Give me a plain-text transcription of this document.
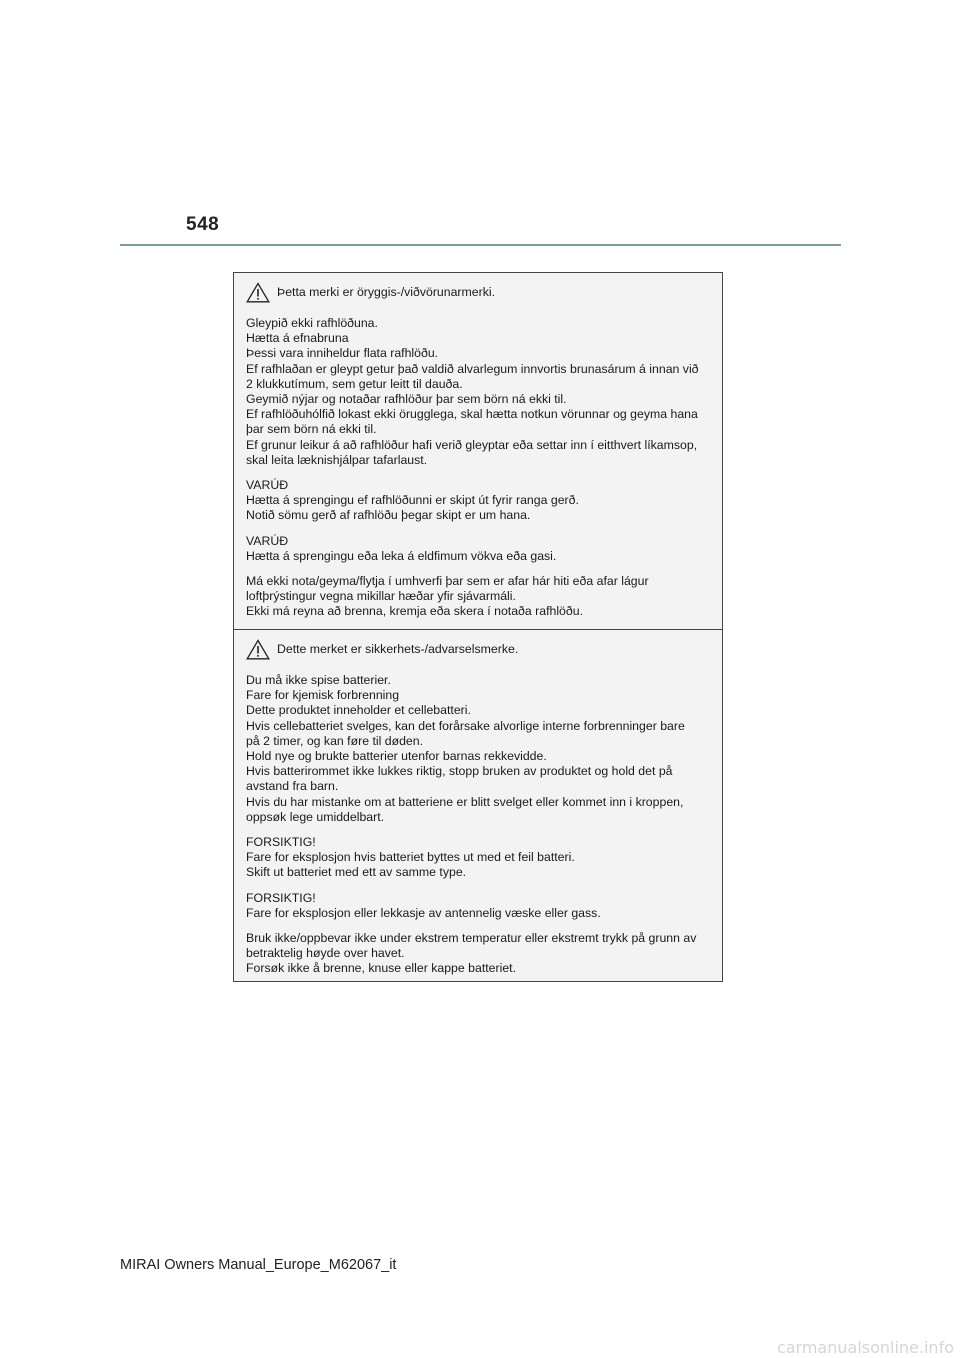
548
Þetta merki er öryggis-/viðvörunarmerki.
Gleypið ekki rafhlöðuna.
Hætta á efnabruna
Þessi vara inniheldur flata rafhlöðu.
Ef rafhlaðan er gleypt getur það valdið alvarlegum innvortis brunasárum á innan við
2 klukkutímum, sem getur leitt til dauða.
Geymið nýjar og notaðar rafhlöður þar sem börn ná ekki til.
Ef rafhlöðuhólfið lokast ekki örugglega, skal hætta notkun vörunnar og geyma hana
þar sem börn ná ekki til.
Ef grunur leikur á að rafhlöður hafi verið gleyptar eða settar inn í eitthvert líkamsop,
skal leita læknishjálpar tafarlaust.
VARÚÐ
Hætta á sprengingu ef rafhlöðunni er skipt út fyrir ranga gerð.
Notið sömu gerð af rafhlöðu þegar skipt er um hana.
VARÚÐ
Hætta á sprengingu eða leka á eldfimum vökva eða gasi.
Má ekki nota/geyma/flytja í umhverfi þar sem er afar hár hiti eða afar lágur
loftþrýstingur vegna mikillar hæðar yfir sjávarmáli.
Ekki má reyna að brenna, kremja eða skera í notaða rafhlöðu.
Dette merket er sikkerhets-/advarselsmerke.
Du må ikke spise batterier.
Fare for kjemisk forbrenning
Dette produktet inneholder et cellebatteri.
Hvis cellebatteriet svelges, kan det forårsake alvorlige interne forbrenninger bare
på 2 timer, og kan føre til døden.
Hold nye og brukte batterier utenfor barnas rekkevidde.
Hvis batterirommet ikke lukkes riktig, stopp bruken av produktet og hold det på
avstand fra barn.
Hvis du har mistanke om at batteriene er blitt svelget eller kommet inn i kroppen,
oppsøk lege umiddelbart.
FORSIKTIG!
Fare for eksplosjon hvis batteriet byttes ut med et feil batteri.
Skift ut batteriet med ett av samme type.
FORSIKTIG!
Fare for eksplosjon eller lekkasje av antennelig væske eller gass.
Bruk ikke/oppbevar ikke under ekstrem temperatur eller ekstremt trykk på grunn av
betraktelig høyde over havet.
Forsøk ikke å brenne, knuse eller kappe batteriet.
MIRAI Owners Manual_Europe_M62067_it
carmanualsonline.info
